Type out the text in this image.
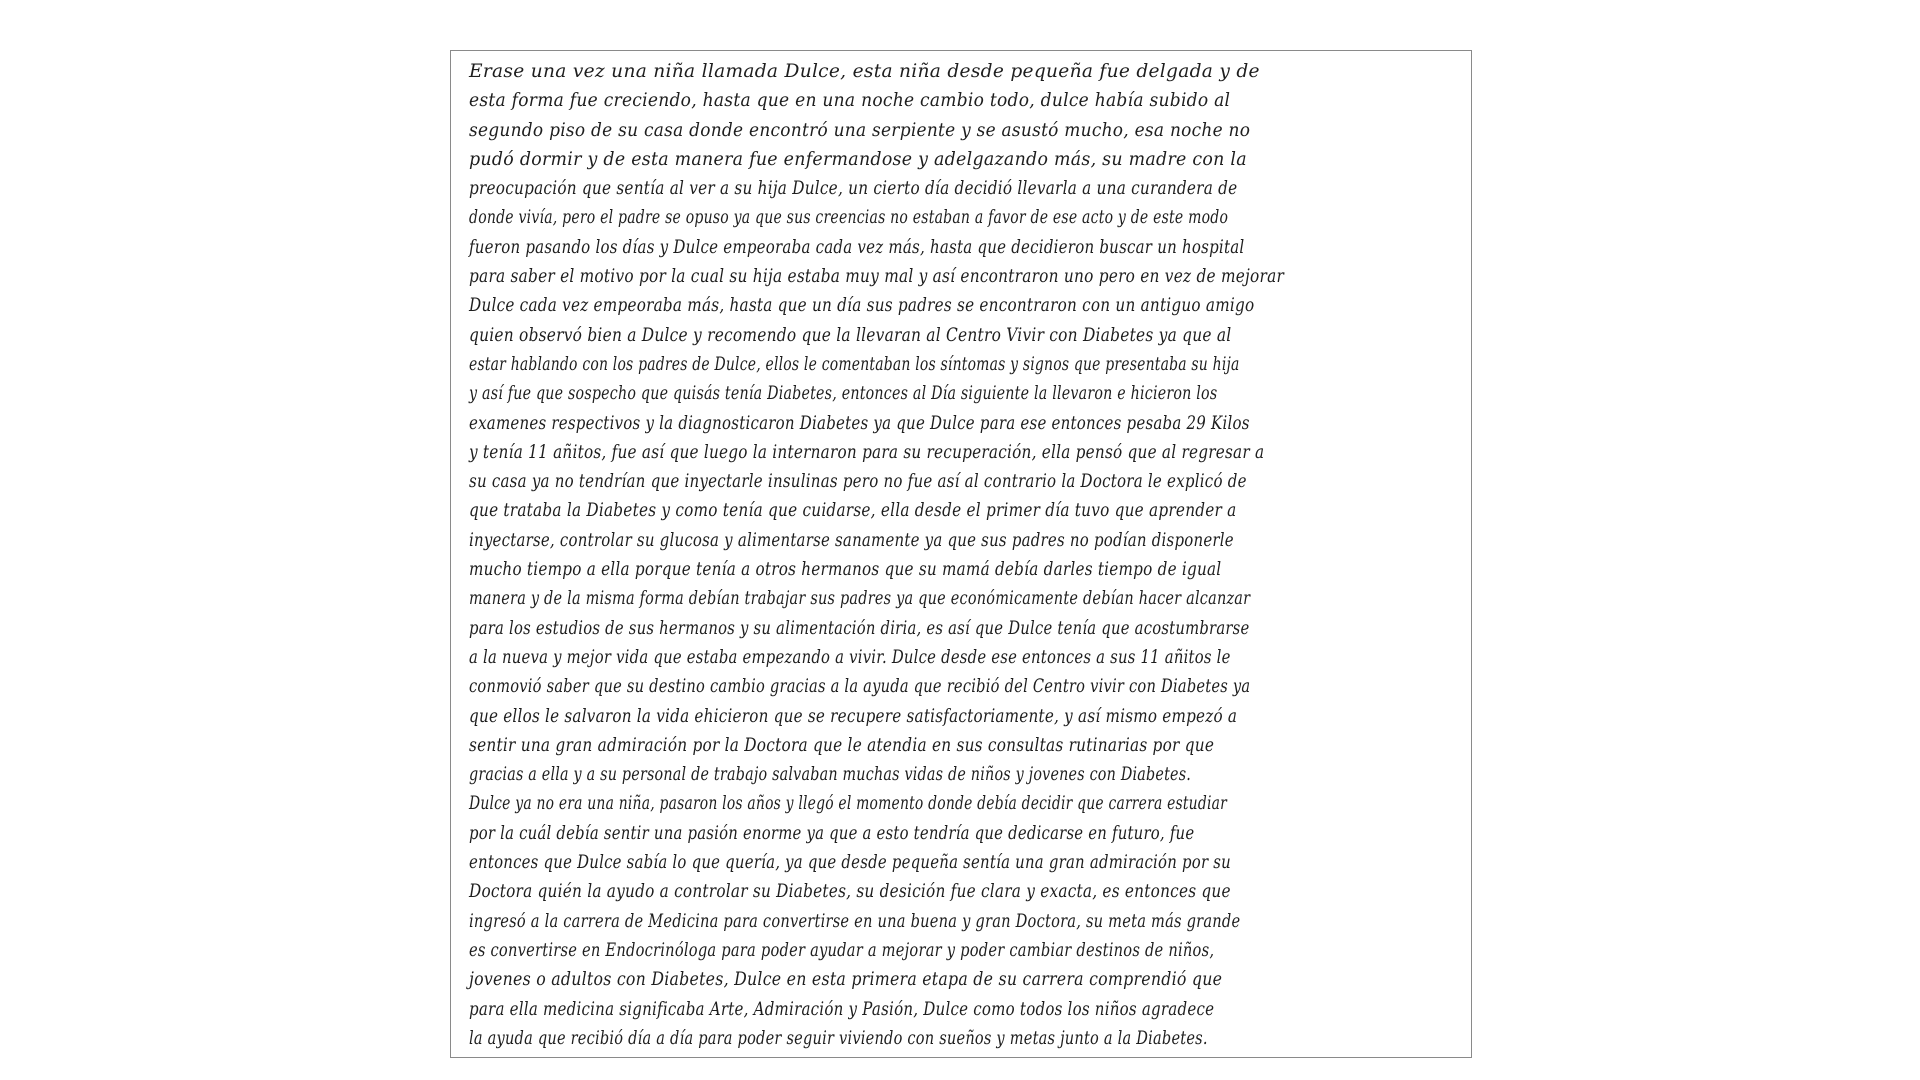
Erase una vez una niña llamada Dulce, esta niña desde pequeña fue delgada y de
esta forma fue creciendo, hasta que en una noche cambio todo, dulce había subido al
segundo piso de su casa donde encontró una serpiente y se asustó mucho, esa noche no
pudó dormir y de esta manera fue enfermandose y adelgazando más, su madre con la
preocupación que sentía al ver a su hija Dulce, un cierto día decidió llevarla a una curandera de
donde vivía, pero el padre se opuso ya que sus creencias no estaban a favor de ese acto y de este modo
fueron pasando los días y Dulce empeoraba cada vez más, hasta que decidieron buscar un hospital
para saber el motivo por la cual su hija estaba muy mal y así encontraron uno pero en vez de mejorar
Dulce cada vez empeoraba más, hasta que un día sus padres se encontraron con un antiguo amigo
quien observó bien a Dulce y recomendo que la llevaran al Centro Vivir con Diabetes ya que al
estar hablando con los padres de Dulce, ellos le comentaban los síntomas y signos que presentaba su hija
y así fue que sospecho que quisás tenía Diabetes, entonces al Día siguiente la llevaron e hicieron los
examenes respectivos y la diagnosticaron Diabetes ya que Dulce para ese entonces pesaba 29 Kilos
y tenía 11 añitos, fue así que luego la internaron para su recuperación, ella pensó que al regresar a
su casa ya no tendrían que inyectarle insulinas pero no fue así al contrario la Doctora le explicó de
que trataba la Diabetes y como tenía que cuidarse, ella desde el primer día tuvo que aprender a
inyectarse, controlar su glucosa y alimentarse sanamente ya que sus padres no podían disponerle
mucho tiempo a ella porque tenía a otros hermanos que su mamá debía darles tiempo de igual
manera y de la misma forma debían trabajar sus padres ya que económicamente debían hacer alcanzar
para los estudios de sus hermanos y su alimentación diria, es así que Dulce tenía que acostumbrarse
a la nueva y mejor vida que estaba empezando a vivir. Dulce desde ese entonces a sus 11 añitos le
conmovió saber que su destino cambio gracias a la ayuda que recibió del Centro vivir con Diabetes ya
que ellos le salvaron la vida ehicieron que se recupere satisfactoriamente, y así mismo empezó a
sentir una gran admiración por la Doctora que le atendia en sus consultas rutinarias por que
gracias a ella y a su personal de trabajo salvaban muchas vidas de niños y jovenes con Diabetes.
Dulce ya no era una niña, pasaron los años y llegó el momento donde debía decidir que carrera estudiar
por la cuál debía sentir una pasión enorme ya que a esto tendría que dedicarse en futuro, fue
entonces que Dulce sabía lo que quería, ya que desde pequeña sentía una gran admiración por su
Doctora quién la ayudo a controlar su Diabetes, su desición fue clara y exacta, es entonces que
ingresó a la carrera de Medicina para convertirse en una buena y gran Doctora, su meta más grande
es convertirse en Endocrinóloga para poder ayudar a mejorar y poder cambiar destinos de niños,
jovenes o adultos con Diabetes, Dulce en esta primera etapa de su carrera comprendió que
para ella medicina significaba Arte, Admiración y Pasión, Dulce como todos los niños agradece
la ayuda que recibió día a día para poder seguir viviendo con sueños y metas junto a la Diabetes.
